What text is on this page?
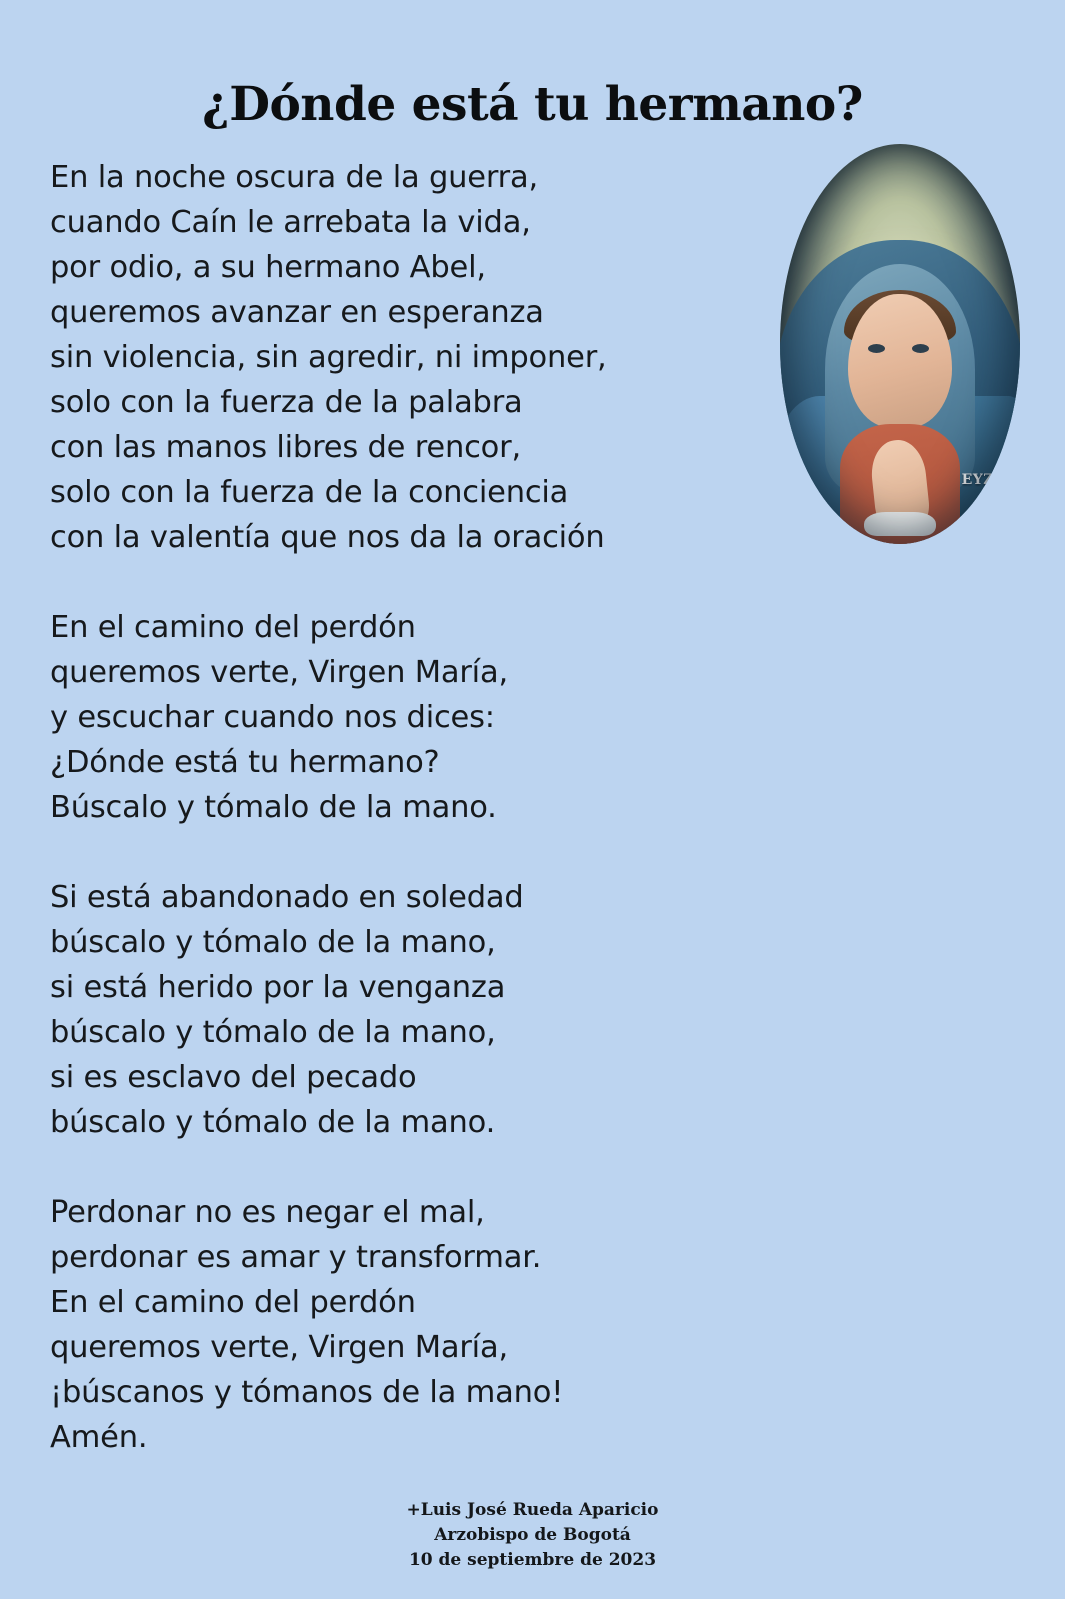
¿Dónde está tu hermano?
EYZ

En la noche oscura de la guerra,
cuando Caín le arrebata la vida,
por odio, a su hermano Abel,
queremos avanzar en esperanza
sin violencia, sin agredir, ni imponer,
solo con la fuerza de la palabra
con las manos libres de rencor,
solo con la fuerza de la conciencia
con la valentía que nos da la oración

En el camino del perdón
queremos verte, Virgen María,
y escuchar cuando nos dices:
¿Dónde está tu hermano?
Búscalo y tómalo de la mano.

Si está abandonado en soledad
búscalo y tómalo de la mano,
si está herido por la venganza
búscalo y tómalo de la mano,
si es esclavo del pecado
búscalo y tómalo de la mano.

Perdonar no es negar el mal,
perdonar es amar y transformar.
En el camino del perdón
queremos verte, Virgen María,
¡búscanos y tómanos de la mano!
Amén.

+Luis José Rueda Aparicio
Arzobispo de Bogotá
10 de septiembre de 2023
